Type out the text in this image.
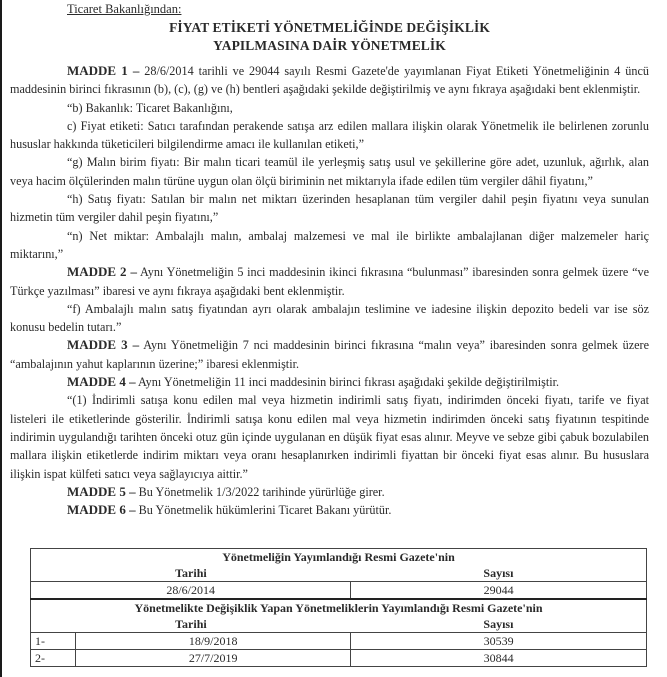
Ticaret Bakanlığından:

FİYAT ETİKETİ YÖNETMELİĞİNDE DEĞİŞİKLİK
YAPILMASINA DAİR YÖNETMELİK

MADDE 1 – 28/6/2014 tarihli ve 29044 sayılı Resmi Gazete'de yayımlanan Fiyat Etiketi Yönetmeliğinin 4 üncü maddesinin birinci fıkrasının (b), (c), (g) ve (h) bentleri aşağıdaki şekilde değiştirilmiş ve aynı fıkraya aşağıdaki bent eklenmiştir.

“b) Bakanlık: Ticaret Bakanlığını,

c) Fiyat etiketi: Satıcı tarafından perakende satışa arz edilen mallara ilişkin olarak Yönetmelik ile belirlenen zorunlu hususlar hakkında tüketicileri bilgilendirme amacı ile kullanılan etiketi,”

“g) Malın birim fiyatı: Bir malın ticari teamül ile yerleşmiş satış usul ve şekillerine göre adet, uzunluk, ağırlık, alan veya hacim ölçülerinden malın türüne uygun olan ölçü biriminin net miktarıyla ifade edilen tüm vergiler dâhil fiyatını,”

“h) Satış fiyatı: Satılan bir malın net miktarı üzerinden hesaplanan tüm vergiler dahil peşin fiyatını veya sunulan hizmetin tüm vergiler dahil peşin fiyatını,”

“n) Net miktar: Ambalajlı malın, ambalaj malzemesi ve mal ile birlikte ambalajlanan diğer malzemeler hariç miktarını,”

MADDE 2 – Aynı Yönetmeliğin 5 inci maddesinin ikinci fıkrasına “bulunması” ibaresinden sonra gelmek üzere “ve Türkçe yazılması” ibaresi ve aynı fıkraya aşağıdaki bent eklenmiştir.

“f) Ambalajlı malın satış fiyatından ayrı olarak ambalajın teslimine ve iadesine ilişkin depozito bedeli var ise söz konusu bedelin tutarı.”

MADDE 3 – Aynı Yönetmeliğin 7 nci maddesinin birinci fıkrasına “malın veya” ibaresinden sonra gelmek üzere “ambalajının yahut kaplarının üzerine;” ibaresi eklenmiştir.

MADDE 4 – Aynı Yönetmeliğin 11 inci maddesinin birinci fıkrası aşağıdaki şekilde değiştirilmiştir.

“(1) İndirimli satışa konu edilen mal veya hizmetin indirimli satış fiyatı, indirimden önceki fiyatı, tarife ve fiyat listeleri ile etiketlerinde gösterilir. İndirimli satışa konu edilen mal veya hizmetin indirimden önceki satış fiyatının tespitinde indirimin uygulandığı tarihten önceki otuz gün içinde uygulanan en düşük fiyat esas alınır. Meyve ve sebze gibi çabuk bozulabilen mallara ilişkin etiketlerde indirim miktarı veya oranı hesaplanırken indirimli fiyattan bir önceki fiyat esas alınır. Bu hususlara ilişkin ispat külfeti satıcı veya sağlayıcıya aittir.”

MADDE 5 – Bu Yönetmelik 1/3/2022 tarihinde yürürlüğe girer.

MADDE 6 – Bu Yönetmelik hükümlerini Ticaret Bakanı yürütür.

Yönetmeliğin Yayımlandığı Resmi Gazete'nin		
Tarihi		Sayısı
28/6/2014		29044
Yönetmelikte Değişiklik Yapan Yönetmeliklerin Yayımlandığı Resmi Gazete'nin		
Tarihi		Sayısı
1-	18/9/2018	30539
2-	27/7/2019	30844
